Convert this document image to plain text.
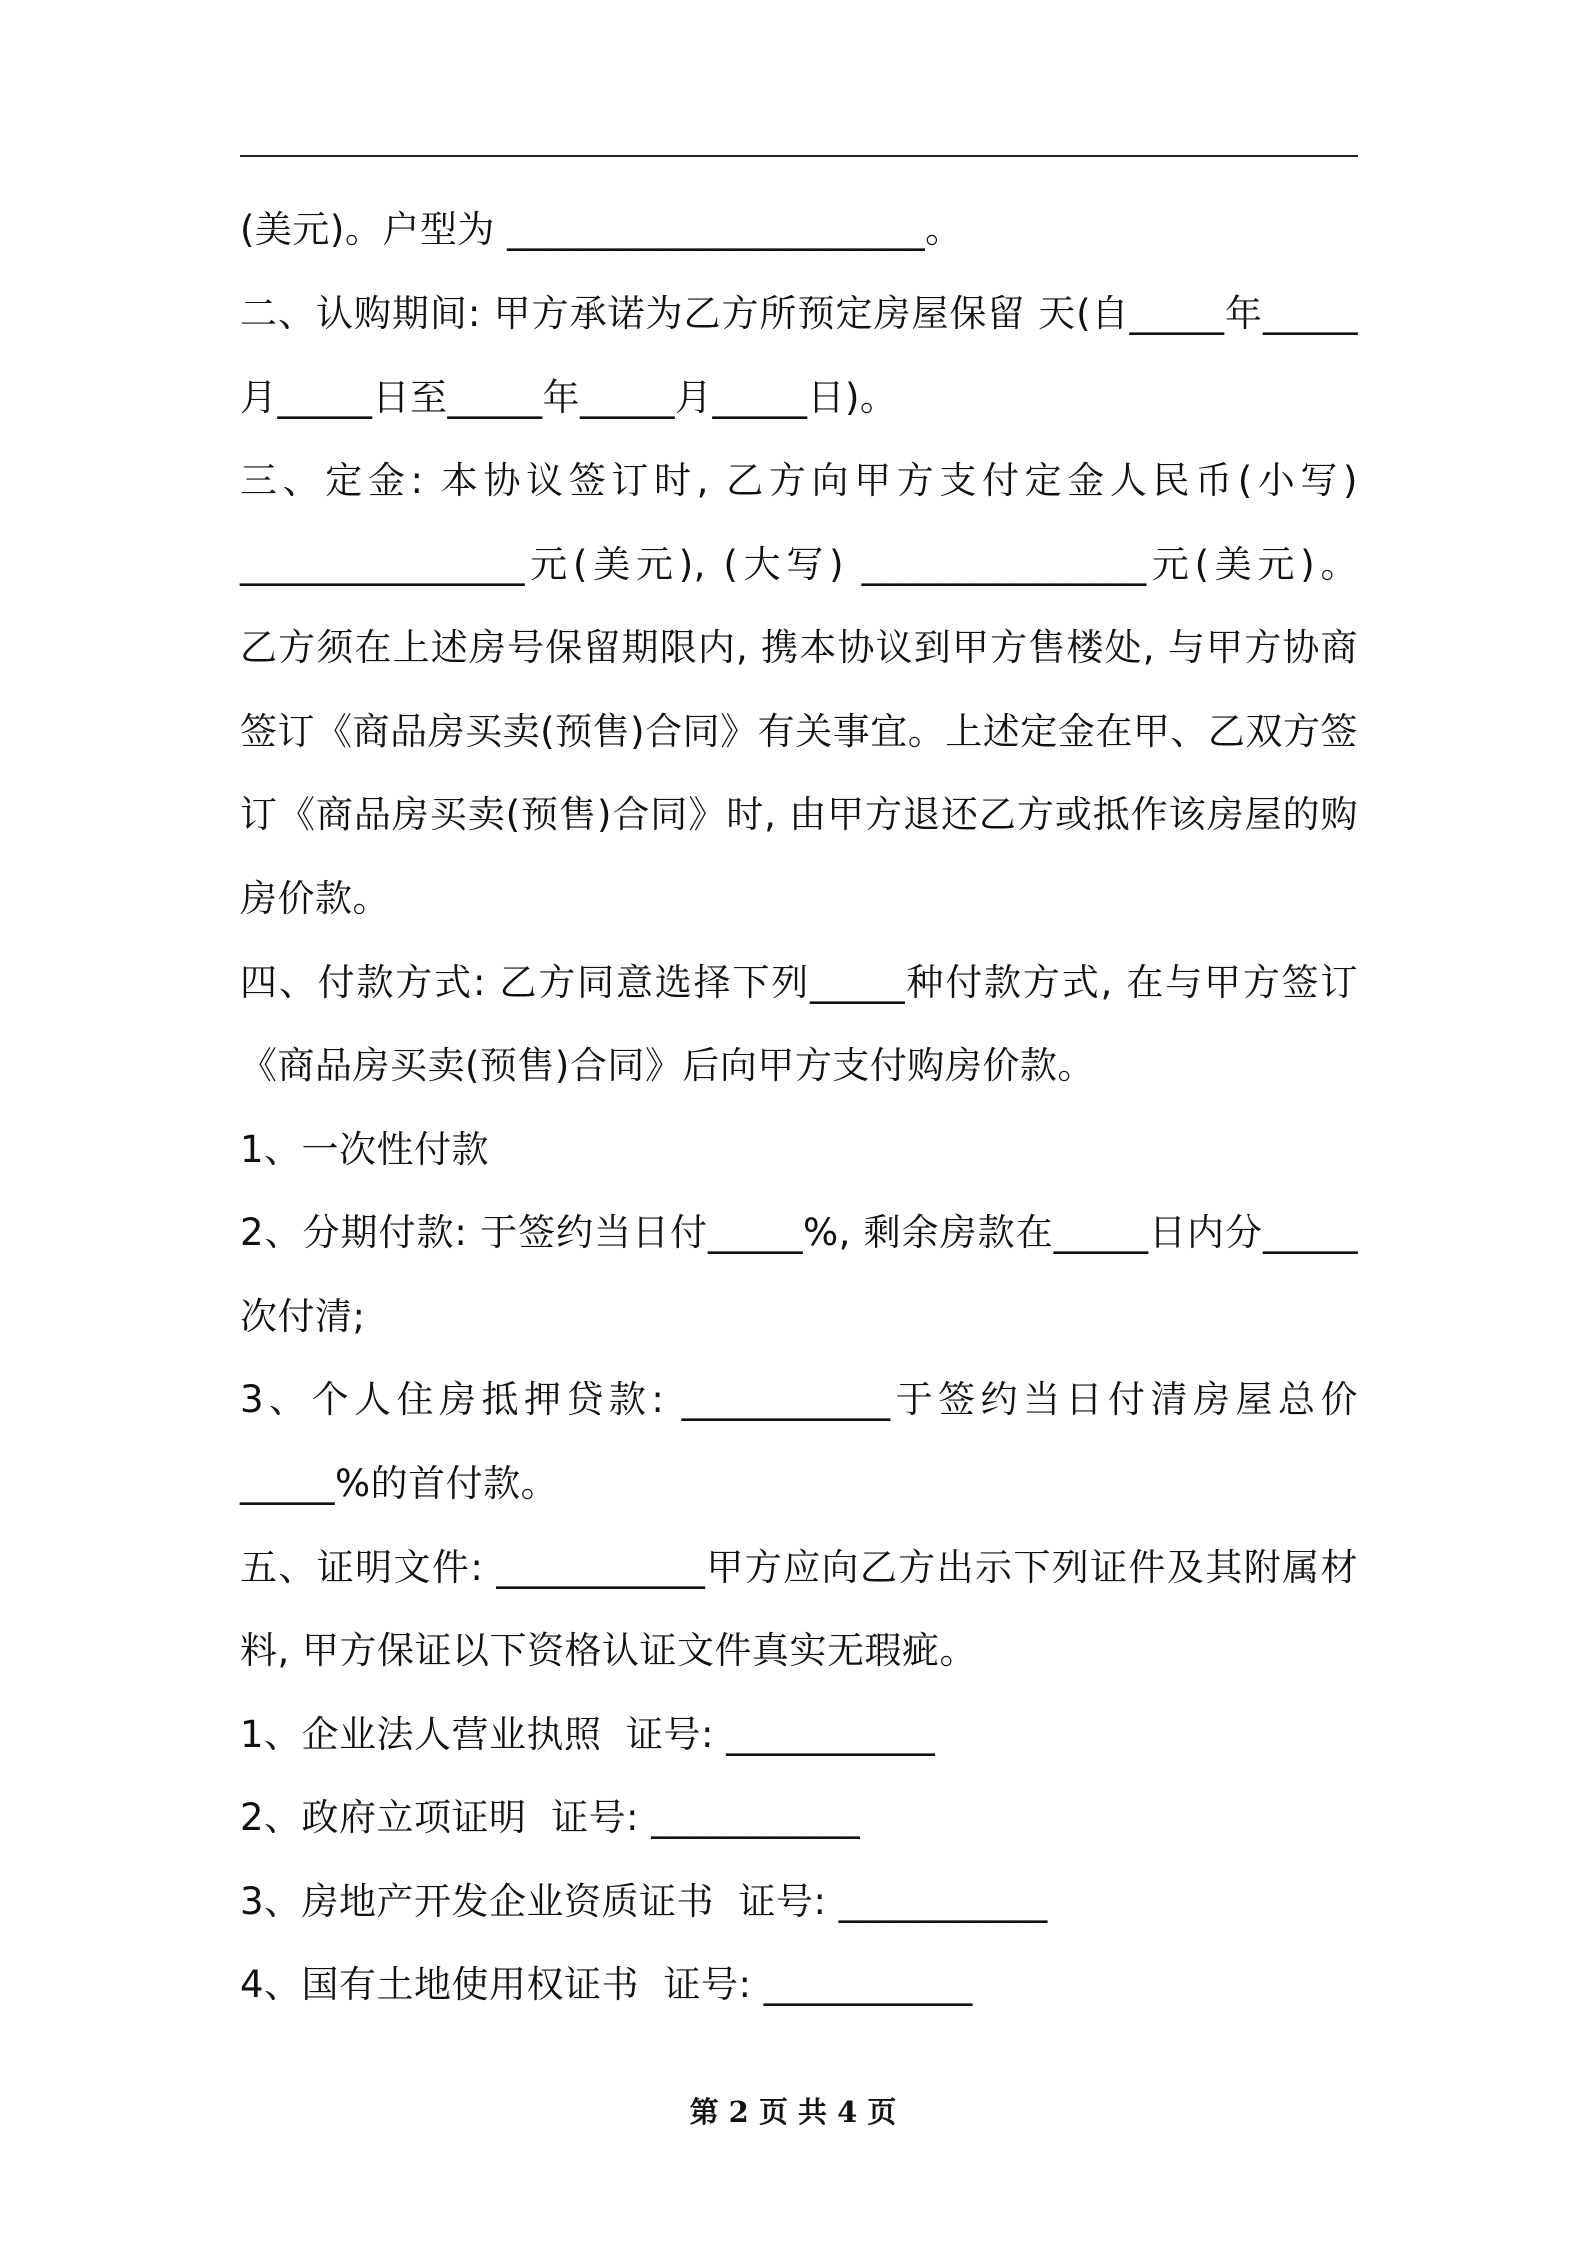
(美元)。户型为 ______________________。
二、认购期间: 甲方承诺为乙方所预定房屋保留 天(自_____年_____
月_____日至_____年_____月_____日)。
三、定金: 本协议签订时, 乙方向甲方支付定金人民币(小写)
_______________元(美元), (大写) _______________元(美元)。
乙方须在上述房号保留期限内, 携本协议到甲方售楼处, 与甲方协商
签订《商品房买卖(预售)合同》有关事宜。上述定金在甲、乙双方签
订《商品房买卖(预售)合同》时, 由甲方退还乙方或抵作该房屋的购
房价款。
四、付款方式: 乙方同意选择下列_____种付款方式, 在与甲方签订
《商品房买卖(预售)合同》后向甲方支付购房价款。
1、一次性付款
2、分期付款: 于签约当日付_____%, 剩余房款在_____日内分_____
次付清;
3、个人住房抵押贷款: ___________于签约当日付清房屋总价
_____%的首付款。
五、证明文件: ___________甲方应向乙方出示下列证件及其附属材
料, 甲方保证以下资格认证文件真实无瑕疵。
1、企业法人营业执照  证号: ___________
2、政府立项证明  证号: ___________
3、房地产开发企业资质证书  证号: ___________
4、国有土地使用权证书  证号: ___________
第 2 页 共 4 页
